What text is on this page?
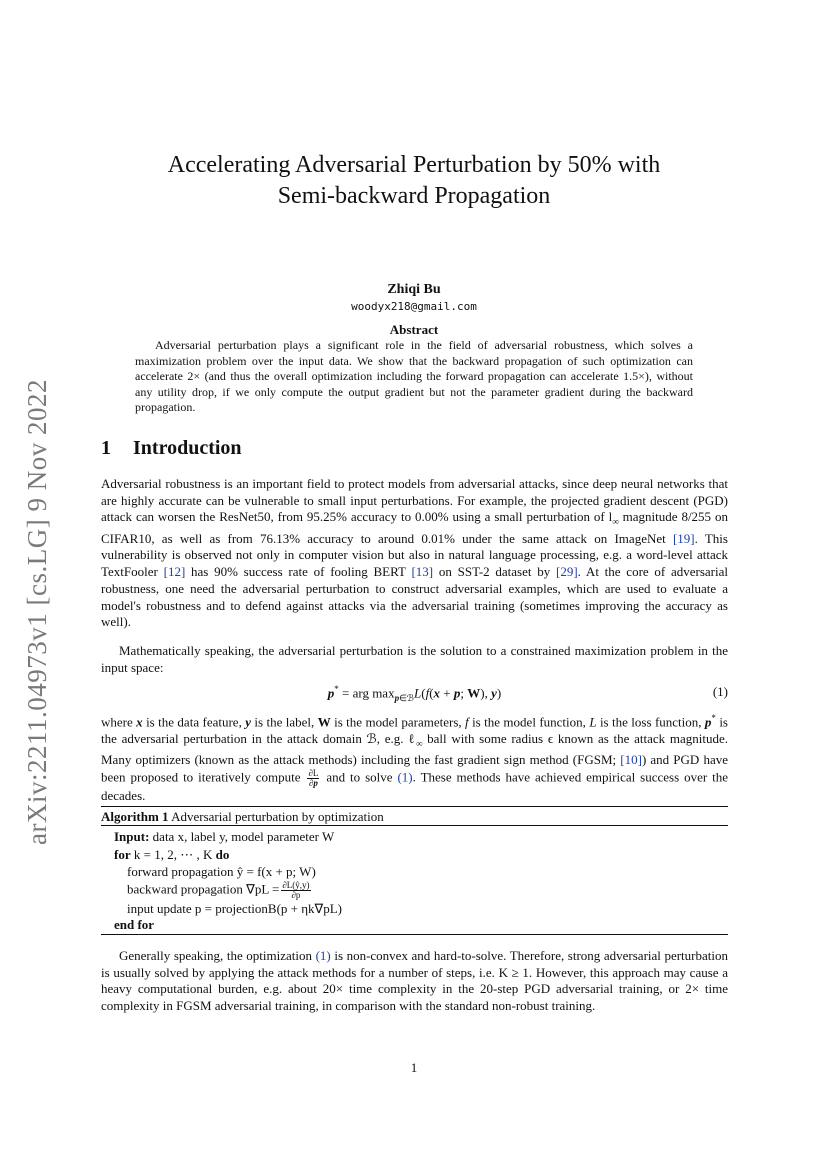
arXiv:2211.04973v1 [cs.LG] 9 Nov 2022
Accelerating Adversarial Perturbation by 50% with
Semi-backward Propagation
Zhiqi Bu
woodyx218@gmail.com
Abstract
Adversarial perturbation plays a significant role in the field of adversarial robustness, which solves a maximization problem over the input data. We show that the backward propagation of such optimization can accelerate 2× (and thus the overall optimization including the forward propagation can accelerate 1.5×), without any utility drop, if we only compute the output gradient but not the parameter gradient during the backward propagation.
1 Introduction
Adversarial robustness is an important field to protect models from adversarial attacks, since deep neural networks that are highly accurate can be vulnerable to small input perturbations. For example, the projected gradient descent (PGD) attack can worsen the ResNet50, from 95.25% accuracy to 0.00% using a small perturbation of $l_\infty$ magnitude 8/255 on CIFAR10, as well as from 76.13% accuracy to around 0.01% under the same attack on ImageNet [19]. This vulnerability is observed not only in computer vision but also in natural language processing, e.g. a word-level attack TextFooler [12] has 90% success rate of fooling BERT [13] on SST-2 dataset by [29]. At the core of adversarial robustness, one need the adversarial perturbation to construct adversarial examples, which are used to evaluate a model's robustness and to defend against attacks via the adversarial training (sometimes improving the accuracy as well).
Mathematically speaking, the adversarial perturbation is the solution to a constrained maximization problem in the input space:
p* = arg $\max_{p\in ℬ}L(f(x + p$; W), y)	(1)
where x is the data feature, y is the label, W is the model parameters, f is the model function, L is the loss function, p* is the adversarial perturbation in the attack domain ℬ, e.g. ℓ$_\infty$ ball with some radius ϵ known as the attack magnitude. Many optimizers (known as the attack methods) including the fast gradient sign method (FGSM; [10]) and PGD have been proposed to iteratively compute $\frac{\partial L}{\partial p}$ and to solve (1). These methods have achieved empirical success over the decades.
Algorithm 1 Adversarial perturbation by optimization
Input: data x, label y, model parameter W
for k = 1, 2, ⋯ , K do
forward propagation ŷ = f(x + p; W)
backward propagation $\nabla pL = \frac{\partial L(ŷ,y)}{\partial p}$
input update p = projectionB(p + ηk∇pL)
end for
Generally speaking, the optimization (1) is non-convex and hard-to-solve. Therefore, strong adversarial perturbation is usually solved by applying the attack methods for a number of steps, i.e. K ≥ 1. However, this approach may cause a heavy computational burden, e.g. about 20× time complexity in the 20-step PGD adversarial training, or 2× time complexity in FGSM adversarial training, in comparison with the standard non-robust training.
1
